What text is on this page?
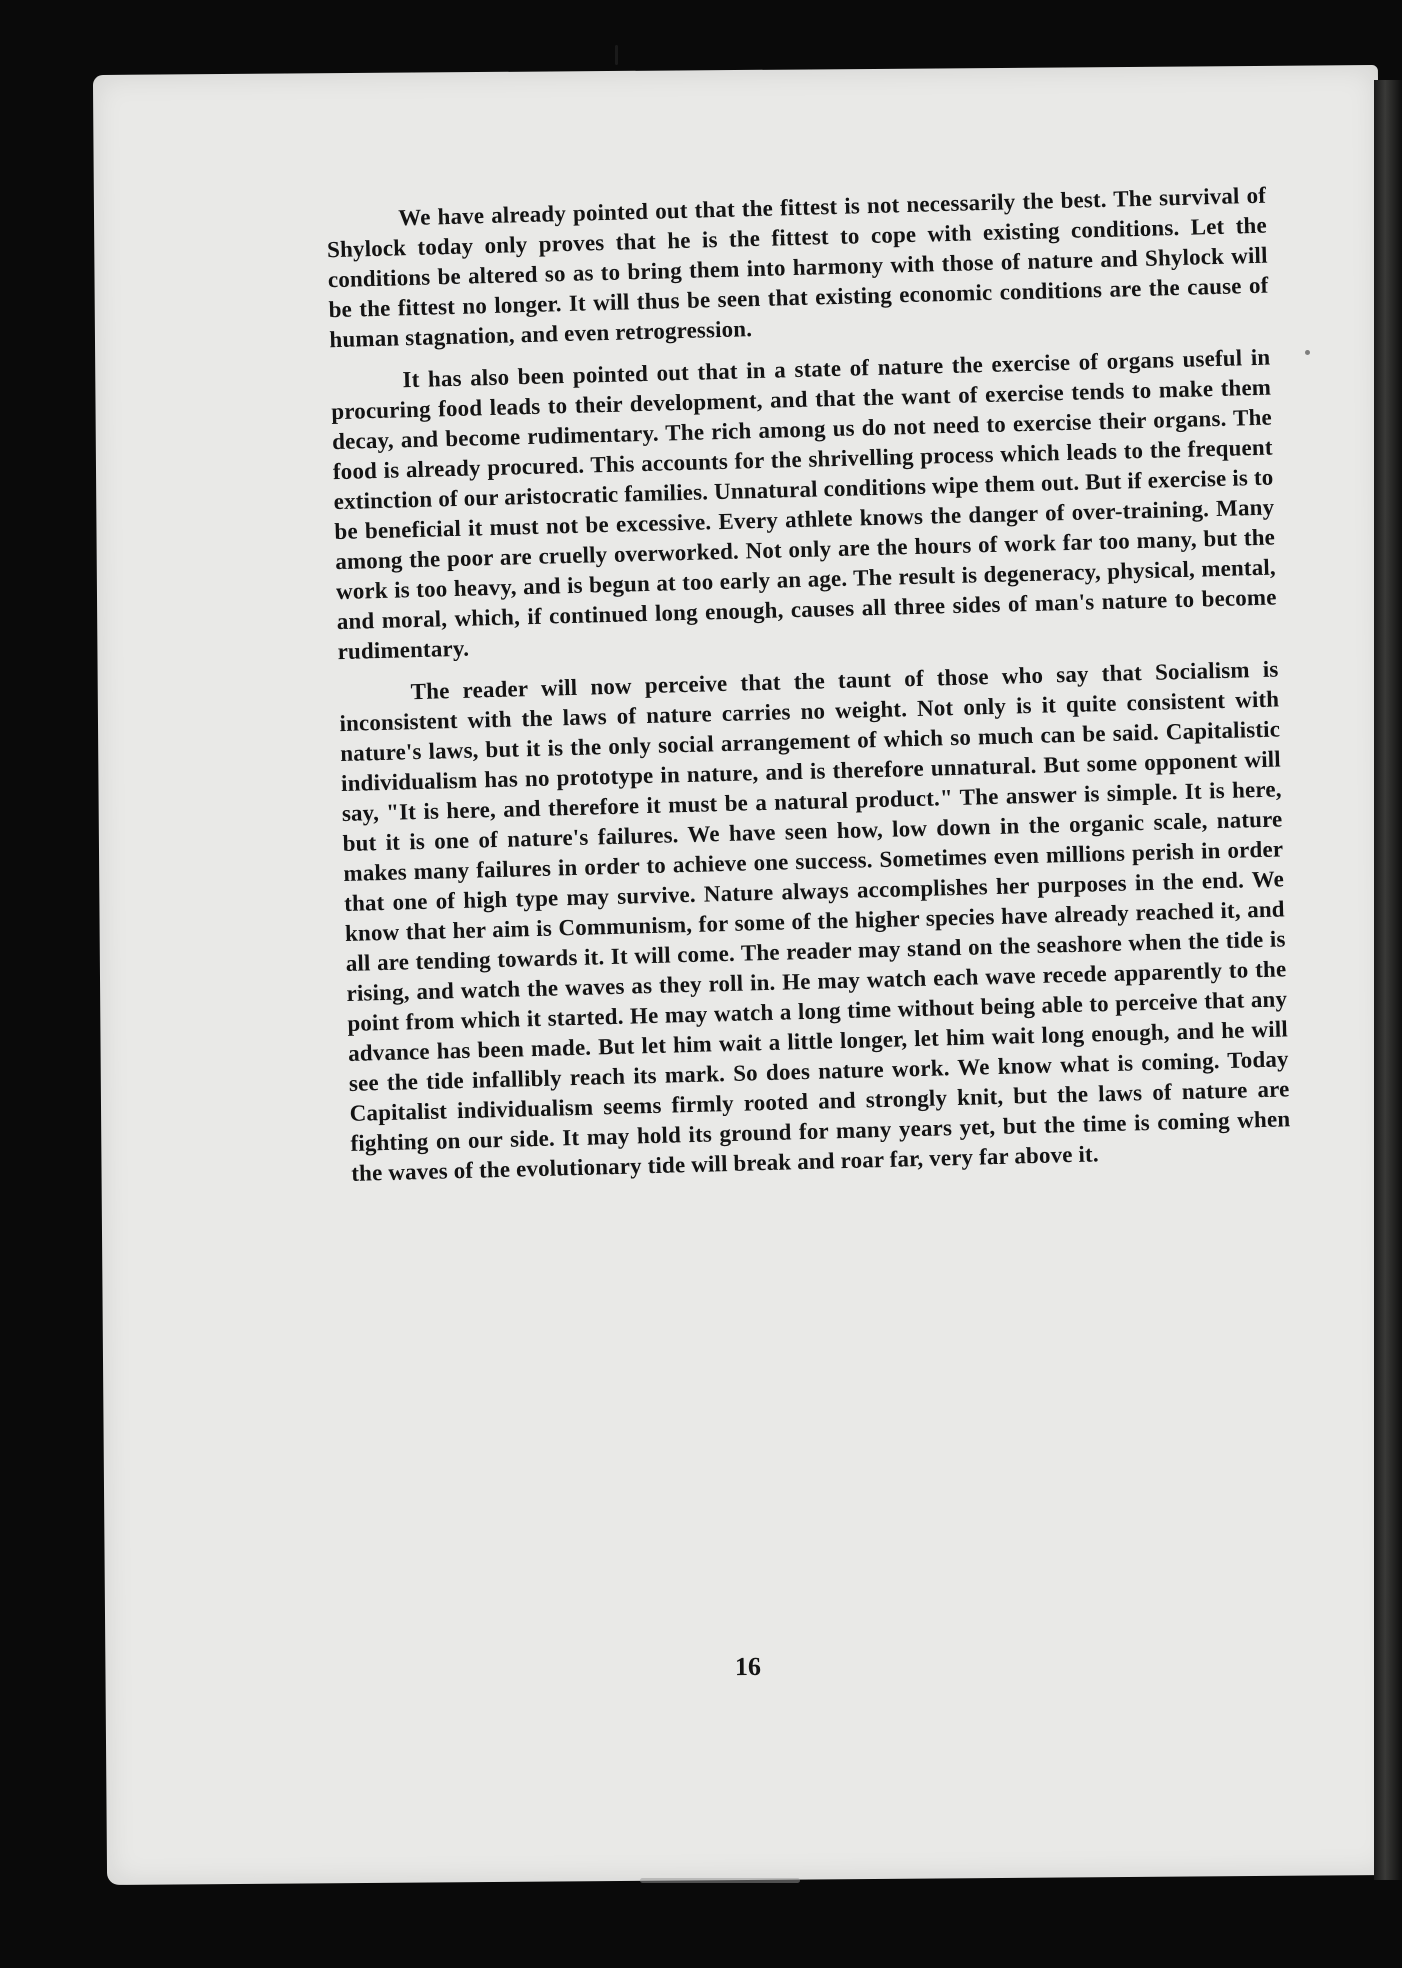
We have already pointed out that the fittest is not necessarily the best. The survival of Shylock today only proves that he is the fittest to cope with existing conditions. Let the conditions be altered so as to bring them into harmony with those of nature and Shylock will be the fittest no longer. It will thus be seen that existing economic conditions are the cause of human stagnation, and even retrogression.

It has also been pointed out that in a state of nature the exercise of organs useful in procuring food leads to their development, and that the want of exercise tends to make them decay, and become rudimentary. The rich among us do not need to exercise their organs. The food is already procured. This accounts for the shrivelling process which leads to the frequent extinction of our aristocratic families. Unnatural conditions wipe them out. But if exercise is to be beneficial it must not be excessive. Every athlete knows the danger of over-training. Many among the poor are cruelly overworked. Not only are the hours of work far too many, but the work is too heavy, and is begun at too early an age. The result is degeneracy, physical, mental, and moral, which, if continued long enough, causes all three sides of man's nature to become rudimentary.

The reader will now perceive that the taunt of those who say that Socialism is inconsistent with the laws of nature carries no weight. Not only is it quite consistent with nature's laws, but it is the only social arrangement of which so much can be said. Capitalistic individualism has no prototype in nature, and is therefore unnatural. But some opponent will say, "It is here, and therefore it must be a natural product." The answer is simple. It is here, but it is one of nature's failures. We have seen how, low down in the organic scale, nature makes many failures in order to achieve one success. Sometimes even millions perish in order that one of high type may survive. Nature always accomplishes her purposes in the end. We know that her aim is Communism, for some of the higher species have already reached it, and all are tending towards it. It will come. The reader may stand on the seashore when the tide is rising, and watch the waves as they roll in. He may watch each wave recede apparently to the point from which it started. He may watch a long time without being able to perceive that any advance has been made. But let him wait a little longer, let him wait long enough, and he will see the tide infallibly reach its mark. So does nature work. We know what is coming. Today Capitalist individualism seems firmly rooted and strongly knit, but the laws of nature are fighting on our side. It may hold its ground for many years yet, but the time is coming when the waves of the evolutionary tide will break and roar far, very far above it.

16
